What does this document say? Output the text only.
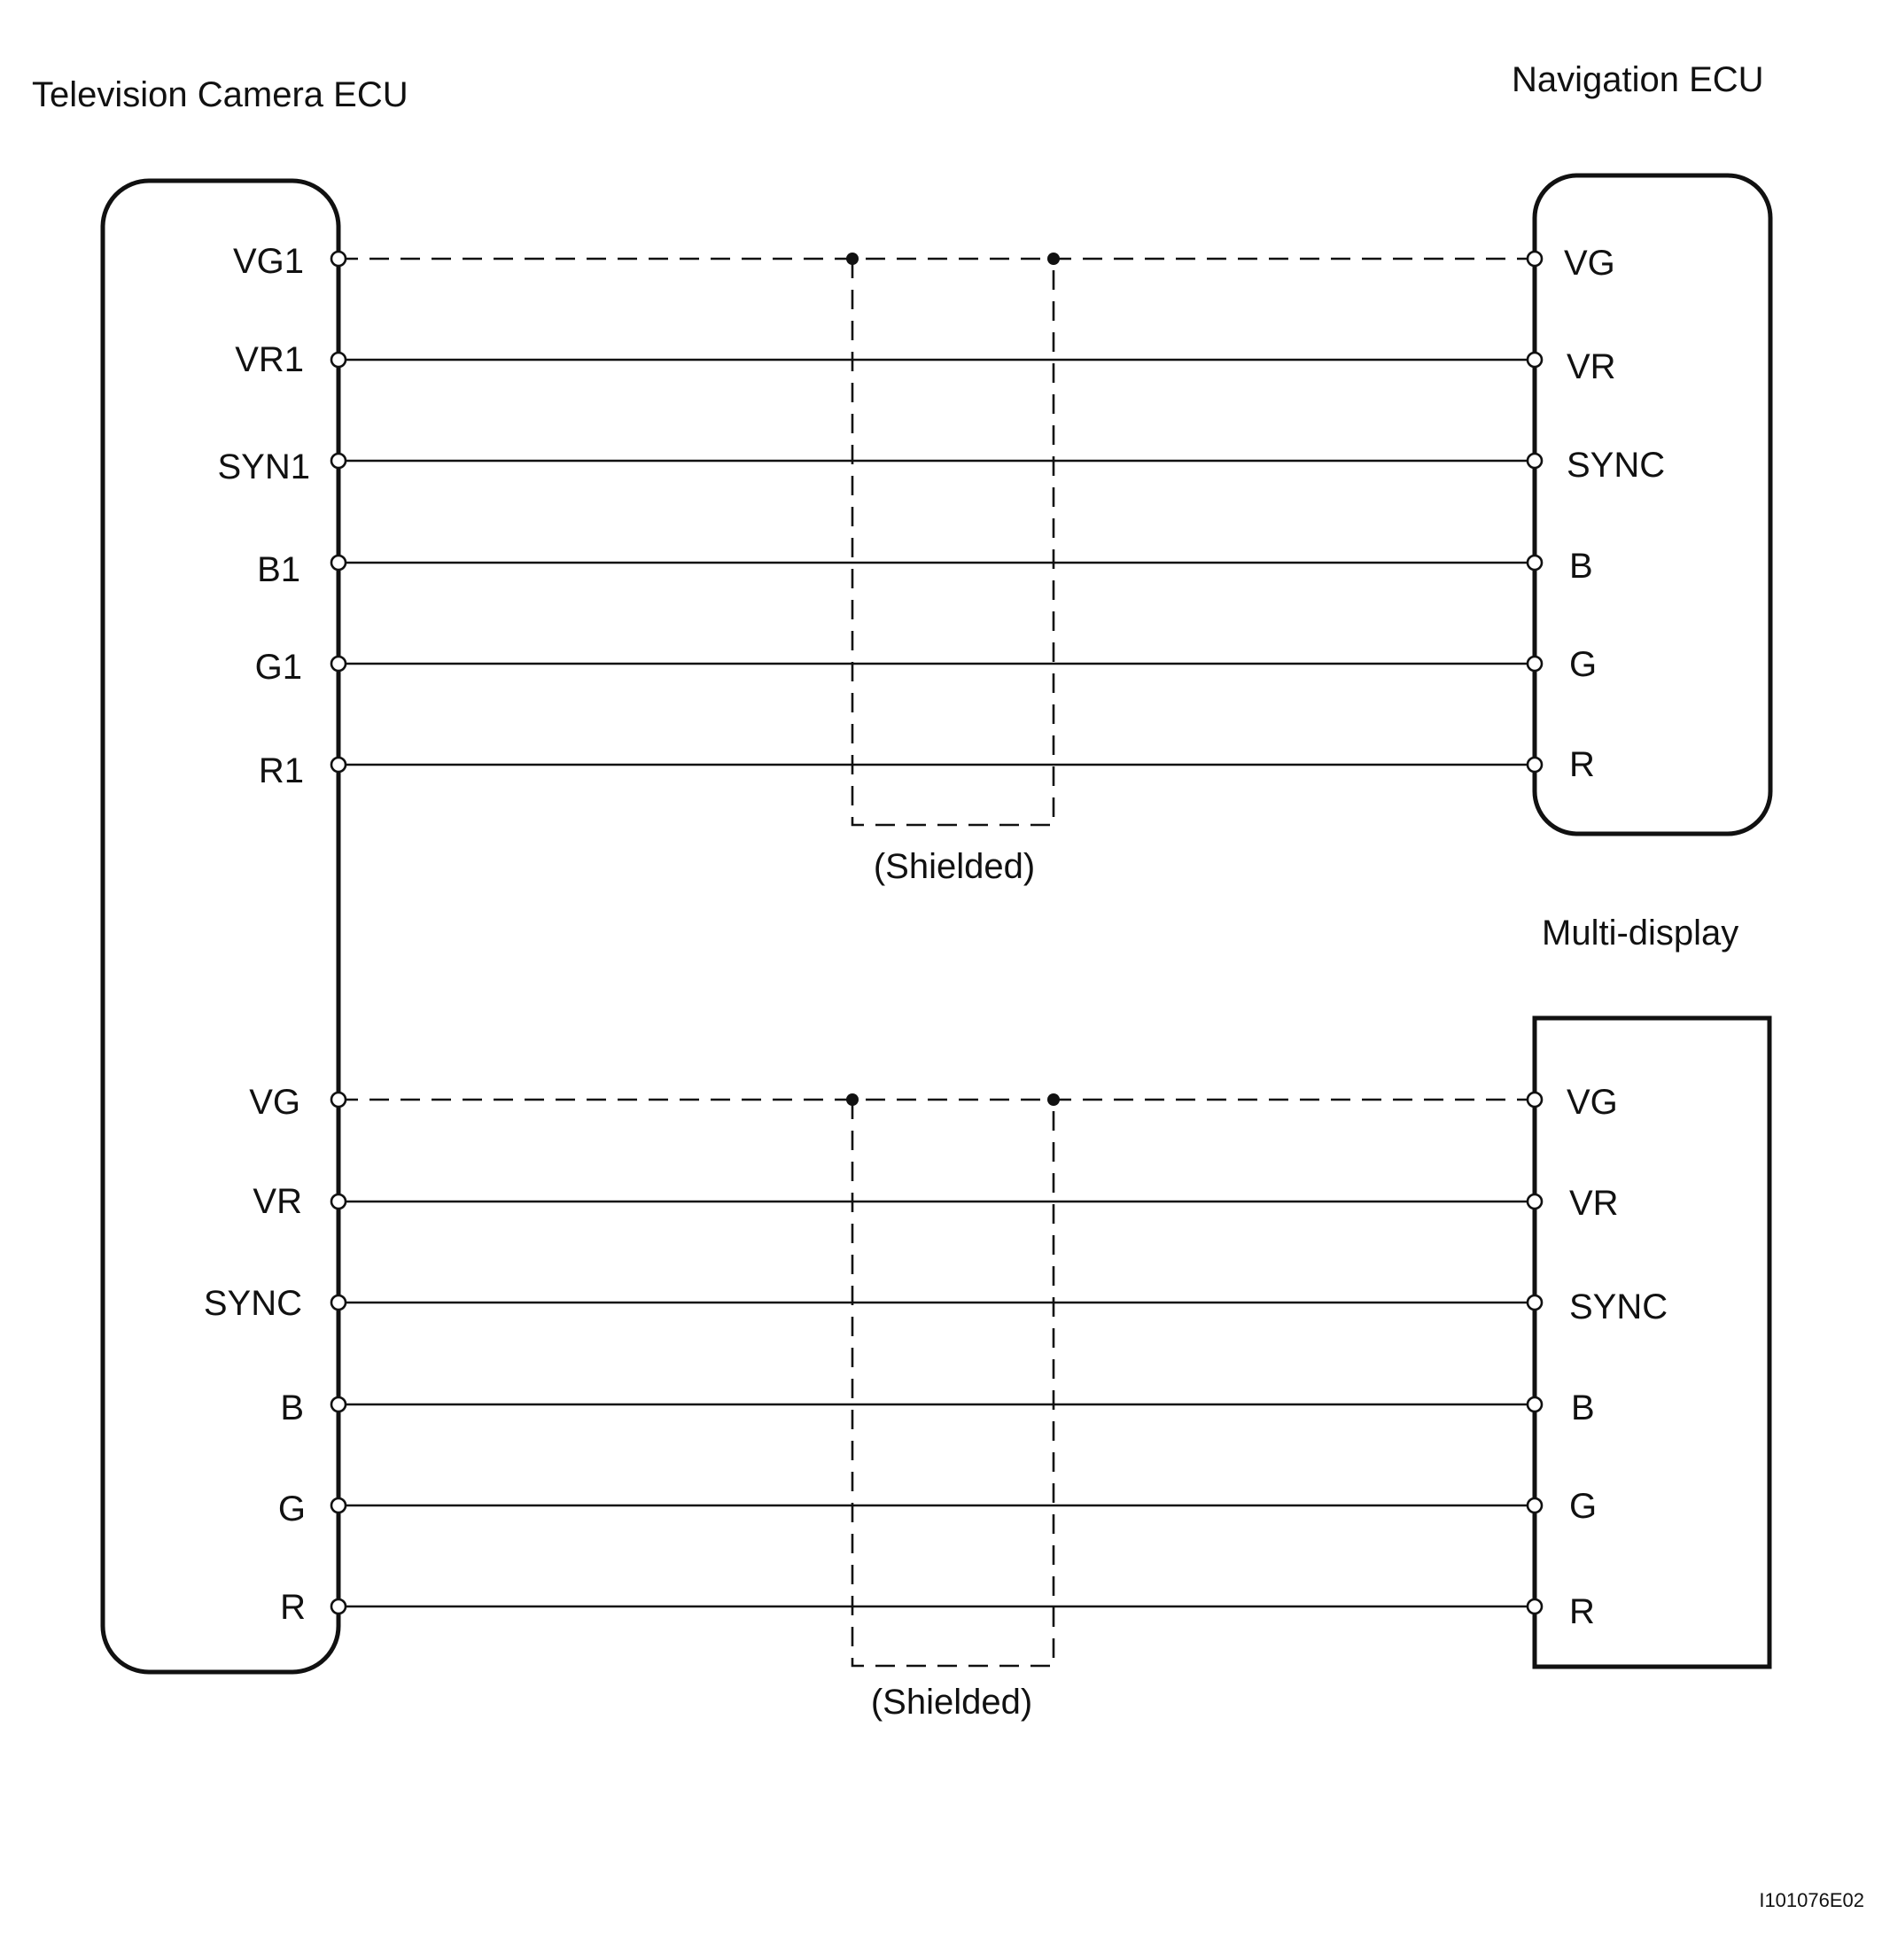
Television Camera ECU	Navigation ECU
Multi-display
VG1
VR1
SYN1
B1
G1
R1
VG
VR
SYNC
B
G
R
(Shielded)
VG
VR
SYNC
B
G
R
VG
VR
SYNC
B
G
R
(Shielded)
I101076E02
